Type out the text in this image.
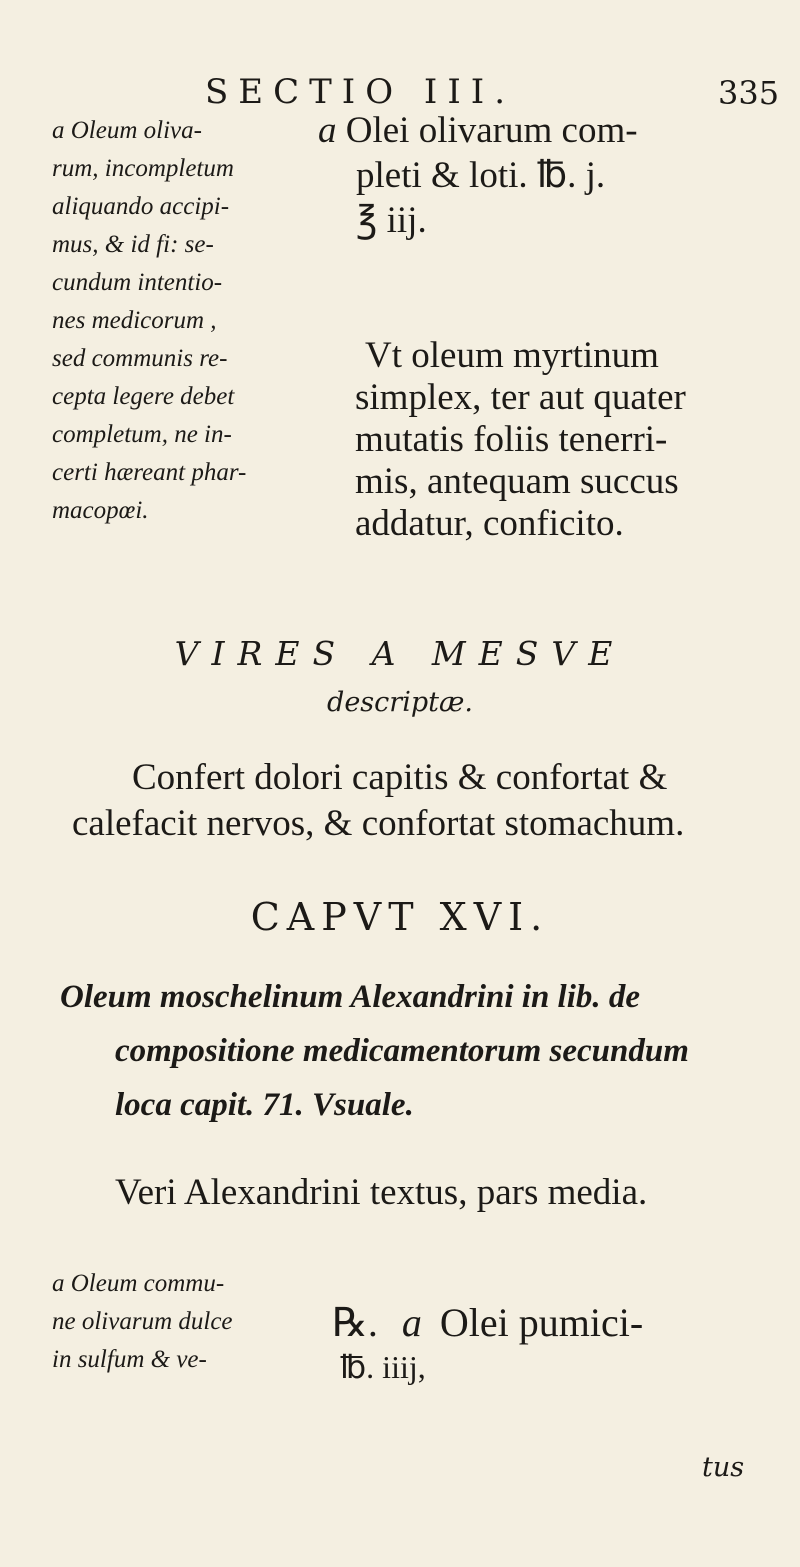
SECTIO III.	335
a Oleum oliva-
rum, incompletum
aliquando accipi-
mus, & id fi: se-
cundum intentio-
nes medicorum ,
sed communis re-
cepta legere debet
completum, ne in-
certi hæreant phar-
macopœi.

a Olei olivarum com-

pleti & loti. ℔. j.

℥ iij.

Vt oleum myrtinum

simplex, ter aut quater

mutatis foliis tenerri-

mis, antequam succus

addatur, conficito.

VIRES A MESVE
descriptæ.

Confert dolori capitis & confortat &

calefacit nervos, & confortat stomachum.

CAPVT XVI.
Oleum moschelinum Alexandrini in lib. de
compositione medicamentorum secundum
loca capit. 71. Vsuale.

Veri Alexandrini textus, pars media.

a Oleum commu-
ne olivarum dulce
in sulfum & ve-

℞. a Olei pumici-

℔. iiij,

tus
